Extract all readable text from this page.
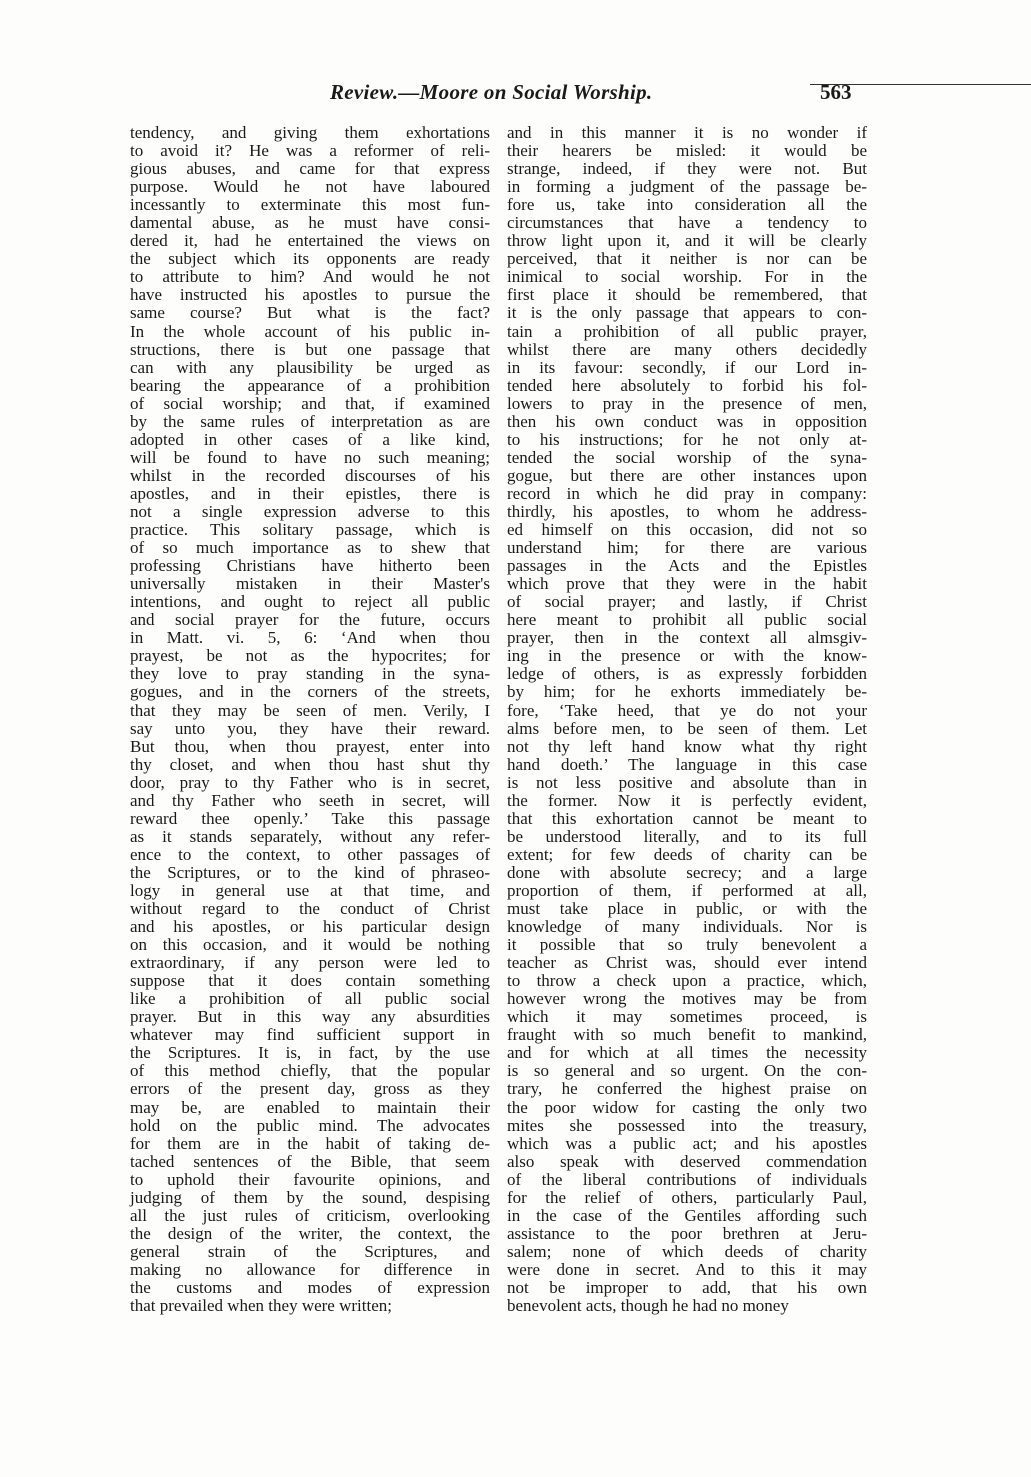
Review.—Moore on Social Worship.	563
tendency, and giving them exhortations
to avoid it? He was a reformer of reli-
gious abuses, and came for that express
purpose. Would he not have laboured
incessantly to exterminate this most fun-
damental abuse, as he must have consi-
dered it, had he entertained the views on
the subject which its opponents are ready
to attribute to him? And would he not
have instructed his apostles to pursue the
same course? But what is the fact?
In the whole account of his public in-
structions, there is but one passage that
can with any plausibility be urged as
bearing the appearance of a prohibition
of social worship; and that, if examined
by the same rules of interpretation as are
adopted in other cases of a like kind,
will be found to have no such meaning;
whilst in the recorded discourses of his
apostles, and in their epistles, there is
not a single expression adverse to this
practice. This solitary passage, which is
of so much importance as to shew that
professing Christians have hitherto been
universally mistaken in their Master's
intentions, and ought to reject all public
and social prayer for the future, occurs
in Matt. vi. 5, 6: ‘And when thou
prayest, be not as the hypocrites; for
they love to pray standing in the syna-
gogues, and in the corners of the streets,
that they may be seen of men. Verily, I
say unto you, they have their reward.
But thou, when thou prayest, enter into
thy closet, and when thou hast shut thy
door, pray to thy Father who is in secret,
and thy Father who seeth in secret, will
reward thee openly.’ Take this passage
as it stands separately, without any refer-
ence to the context, to other passages of
the Scriptures, or to the kind of phraseo-
logy in general use at that time, and
without regard to the conduct of Christ
and his apostles, or his particular design
on this occasion, and it would be nothing
extraordinary, if any person were led to
suppose that it does contain something
like a prohibition of all public social
prayer. But in this way any absurdities
whatever may find sufficient support in
the Scriptures. It is, in fact, by the use
of this method chiefly, that the popular
errors of the present day, gross as they
may be, are enabled to maintain their
hold on the public mind. The advocates
for them are in the habit of taking de-
tached sentences of the Bible, that seem
to uphold their favourite opinions, and
judging of them by the sound, despising
all the just rules of criticism, overlooking
the design of the writer, the context, the
general strain of the Scriptures, and
making no allowance for difference in
the customs and modes of expression
that prevailed when they were written;
and in this manner it is no wonder if
their hearers be misled: it would be
strange, indeed, if they were not. But
in forming a judgment of the passage be-
fore us, take into consideration all the
circumstances that have a tendency to
throw light upon it, and it will be clearly
perceived, that it neither is nor can be
inimical to social worship. For in the
first place it should be remembered, that
it is the only passage that appears to con-
tain a prohibition of all public prayer,
whilst there are many others decidedly
in its favour: secondly, if our Lord in-
tended here absolutely to forbid his fol-
lowers to pray in the presence of men,
then his own conduct was in opposition
to his instructions; for he not only at-
tended the social worship of the syna-
gogue, but there are other instances upon
record in which he did pray in company:
thirdly, his apostles, to whom he address-
ed himself on this occasion, did not so
understand him; for there are various
passages in the Acts and the Epistles
which prove that they were in the habit
of social prayer; and lastly, if Christ
here meant to prohibit all public social
prayer, then in the context all almsgiv-
ing in the presence or with the know-
ledge of others, is as expressly forbidden
by him; for he exhorts immediately be-
fore, ‘Take heed, that ye do not your
alms before men, to be seen of them. Let
not thy left hand know what thy right
hand doeth.’ The language in this case
is not less positive and absolute than in
the former. Now it is perfectly evident,
that this exhortation cannot be meant to
be understood literally, and to its full
extent; for few deeds of charity can be
done with absolute secrecy; and a large
proportion of them, if performed at all,
must take place in public, or with the
knowledge of many individuals. Nor is
it possible that so truly benevolent a
teacher as Christ was, should ever intend
to throw a check upon a practice, which,
however wrong the motives may be from
which it may sometimes proceed, is
fraught with so much benefit to mankind,
and for which at all times the necessity
is so general and so urgent. On the con-
trary, he conferred the highest praise on
the poor widow for casting the only two
mites she possessed into the treasury,
which was a public act; and his apostles
also speak with deserved commendation
of the liberal contributions of individuals
for the relief of others, particularly Paul,
in the case of the Gentiles affording such
assistance to the poor brethren at Jeru-
salem; none of which deeds of charity
were done in secret. And to this it may
not be improper to add, that his own
benevolent acts, though he had no money
